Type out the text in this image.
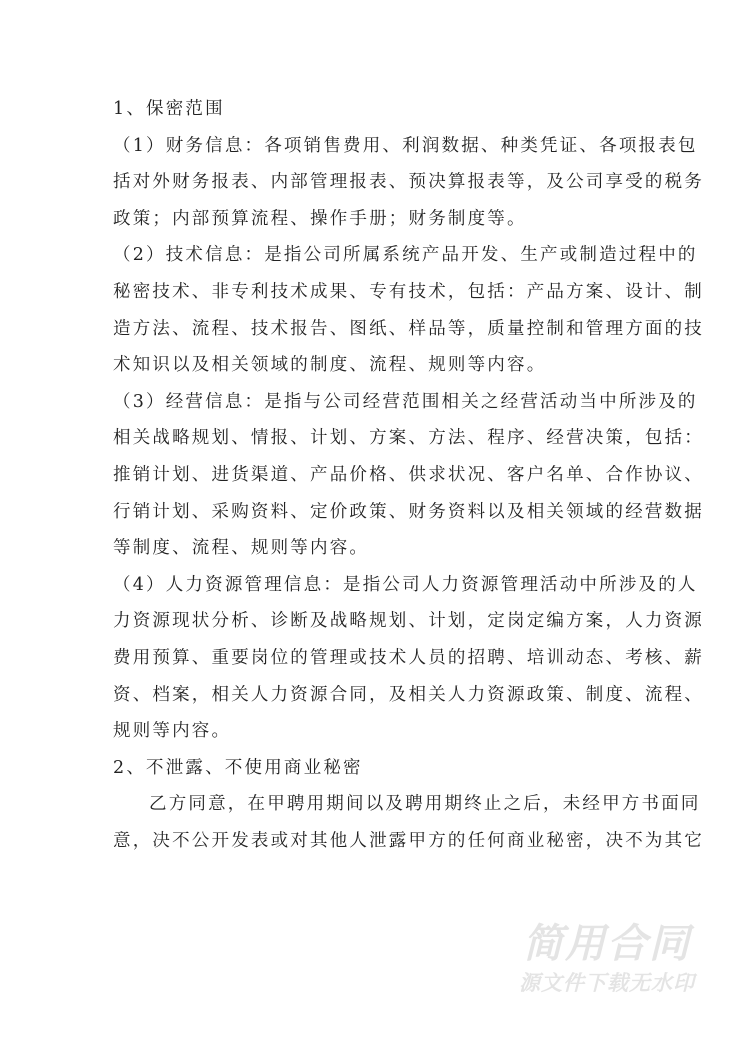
1、保密范围
（1）财务信息：各项销售费用、利润数据、种类凭证、各项报表包
括对外财务报表、内部管理报表、预决算报表等，及公司享受的税务
政策；内部预算流程、操作手册；财务制度等。
（2）技术信息：是指公司所属系统产品开发、生产或制造过程中的
秘密技术、非专利技术成果、专有技术，包括：产品方案、设计、制
造方法、流程、技术报告、图纸、样品等，质量控制和管理方面的技
术知识以及相关领域的制度、流程、规则等内容。
（3）经营信息：是指与公司经营范围相关之经营活动当中所涉及的
相关战略规划、情报、计划、方案、方法、程序、经营决策，包括：
推销计划、进货渠道、产品价格、供求状况、客户名单、合作协议、
行销计划、采购资料、定价政策、财务资料以及相关领域的经营数据
等制度、流程、规则等内容。
（4）人力资源管理信息：是指公司人力资源管理活动中所涉及的人
力资源现状分析、诊断及战略规划、计划，定岗定编方案，人力资源
费用预算、重要岗位的管理或技术人员的招聘、培训动态、考核、薪
资、档案，相关人力资源合同，及相关人力资源政策、制度、流程、
规则等内容。
2、不泄露、不使用商业秘密
乙方同意，在甲聘用期间以及聘用期终止之后，未经甲方书面同
意，决不公开发表或对其他人泄露甲方的任何商业秘密，决不为其它
简用合同
源文件下载无水印
